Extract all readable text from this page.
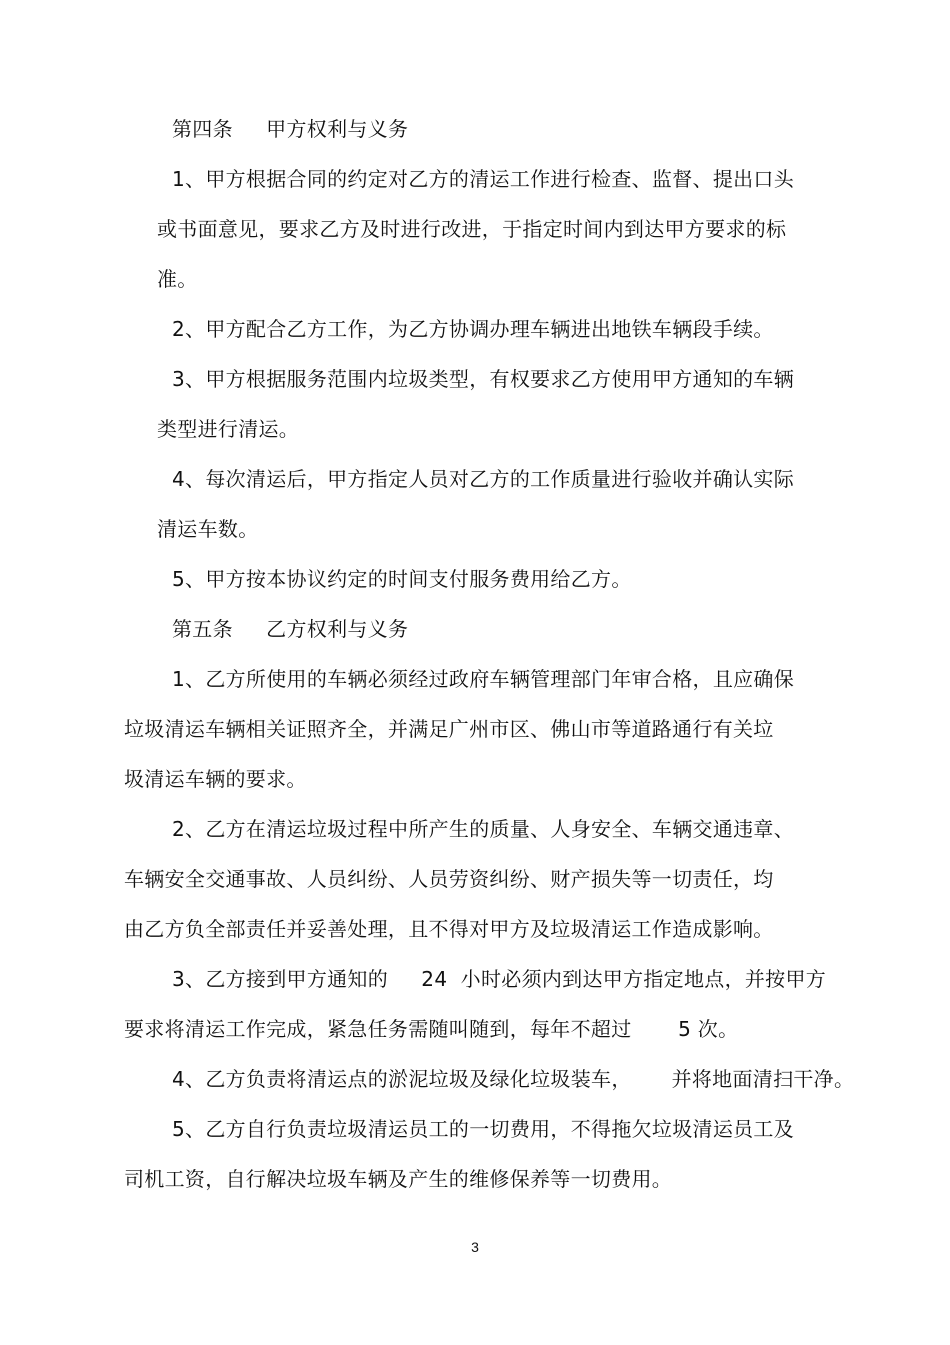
第四条     甲方权利与义务
1、甲方根据合同的约定对乙方的清运工作进行检查、监督、提出口头
或书面意见，要求乙方及时进行改进，于指定时间内到达甲方要求的标
准。
2、甲方配合乙方工作，为乙方协调办理车辆进出地铁车辆段手续。
3、甲方根据服务范围内垃圾类型，有权要求乙方使用甲方通知的车辆
类型进行清运。
4、每次清运后，甲方指定人员对乙方的工作质量进行验收并确认实际
清运车数。
5、甲方按本协议约定的时间支付服务费用给乙方。
第五条     乙方权利与义务
1、乙方所使用的车辆必须经过政府车辆管理部门年审合格，且应确保
垃圾清运车辆相关证照齐全，并满足广州市区、佛山市等道路通行有关垃
圾清运车辆的要求。
2、乙方在清运垃圾过程中所产生的质量、人身安全、车辆交通违章、
车辆安全交通事故、人员纠纷、人员劳资纠纷、财产损失等一切责任，均
由乙方负全部责任并妥善处理，且不得对甲方及垃圾清运工作造成影响。
3、乙方接到甲方通知的     24  小时必须内到达甲方指定地点，并按甲方
要求将清运工作完成，紧急任务需随叫随到，每年不超过       5 次。
4、乙方负责将清运点的淤泥垃圾及绿化垃圾装车，      并将地面清扫干净。
5、乙方自行负责垃圾清运员工的一切费用，不得拖欠垃圾清运员工及
司机工资，自行解决垃圾车辆及产生的维修保养等一切费用。
3
